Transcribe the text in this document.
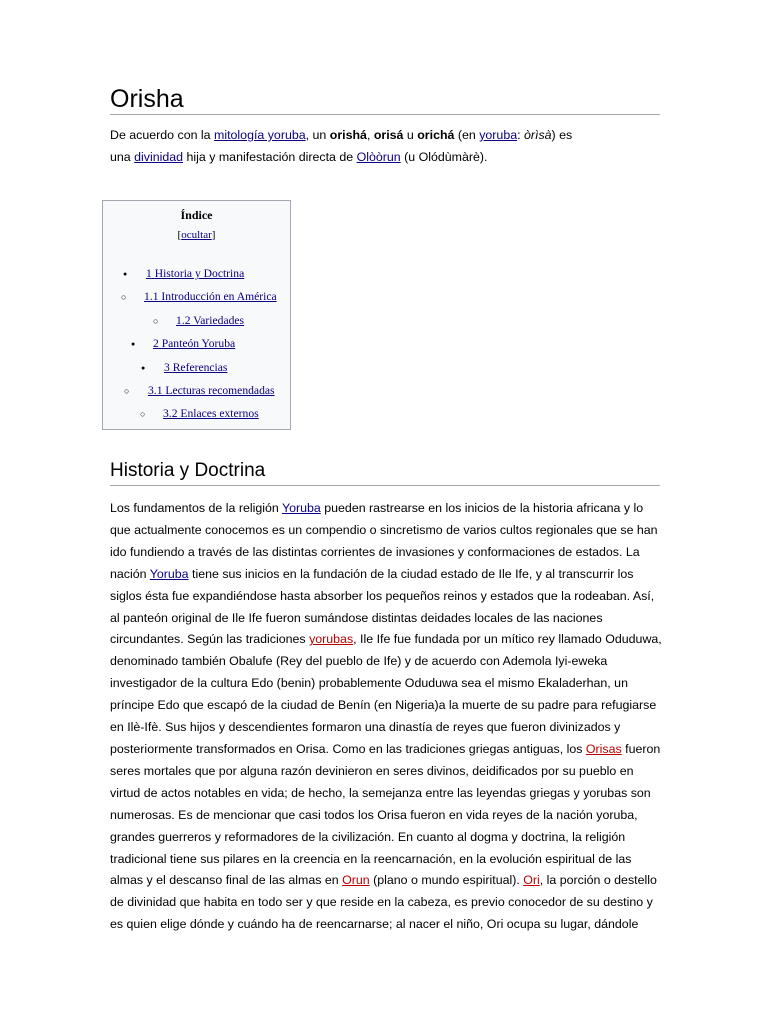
Orisha
De acuerdo con la mitología yoruba, un orishá, orisá u orichá (en yoruba: òrìsà) es
una divinidad hija y manifestación directa de Olòòrun (u Olódùmàrè).
Historia y Doctrina
Los fundamentos de la religión Yoruba pueden rastrearse en los inicios de la historia africana y lo
que actualmente conocemos es un compendio o sincretismo de varios cultos regionales que se han
ido fundiendo a través de las distintas corrientes de invasiones y conformaciones de estados. La
nación Yoruba tiene sus inicios en la fundación de la ciudad estado de Ile Ife, y al transcurrir los
siglos ésta fue expandiéndose hasta absorber los pequeños reinos y estados que la rodeaban. Así,
al panteón original de Ile Ife fueron sumándose distintas deidades locales de las naciones
circundantes. Según las tradiciones yorubas, Ile Ife fue fundada por un mítico rey llamado Oduduwa,
denominado también Obalufe (Rey del pueblo de Ife) y de acuerdo con Ademola Iyi-eweka
investigador de la cultura Edo (benin) probablemente Oduduwa sea el mismo Ekaladerhan, un
príncipe Edo que escapó de la ciudad de Benín (en Nigeria)a la muerte de su padre para refugiarse
en Ilè-Ifè. Sus hijos y descendientes formaron una dinastía de reyes que fueron divinizados y
posteriormente transformados en Orisa. Como en las tradiciones griegas antiguas, los Orisas fueron
seres mortales que por alguna razón devinieron en seres divinos, deidificados por su pueblo en
virtud de actos notables en vida; de hecho, la semejanza entre las leyendas griegas y yorubas son
numerosas. Es de mencionar que casi todos los Orisa fueron en vida reyes de la nación yoruba,
grandes guerreros y reformadores de la civilización. En cuanto al dogma y doctrina, la religión
tradicional tiene sus pilares en la creencia en la reencarnación, en la evolución espiritual de las
almas y el descanso final de las almas en Orun (plano o mundo espiritual). Ori, la porción o destello
de divinidad que habita en todo ser y que reside en la cabeza, es previo conocedor de su destino y
es quien elige dónde y cuándo ha de reencarnarse; al nacer el niño, Ori ocupa su lugar, dándole
Índice
[ocultar]
●
1 Historia y Doctrina
○
1.1 Introducción en América
○
1.2 Variedades
●
2 Panteón Yoruba
●
3 Referencias
○
3.1 Lecturas recomendadas
○
3.2 Enlaces externos
